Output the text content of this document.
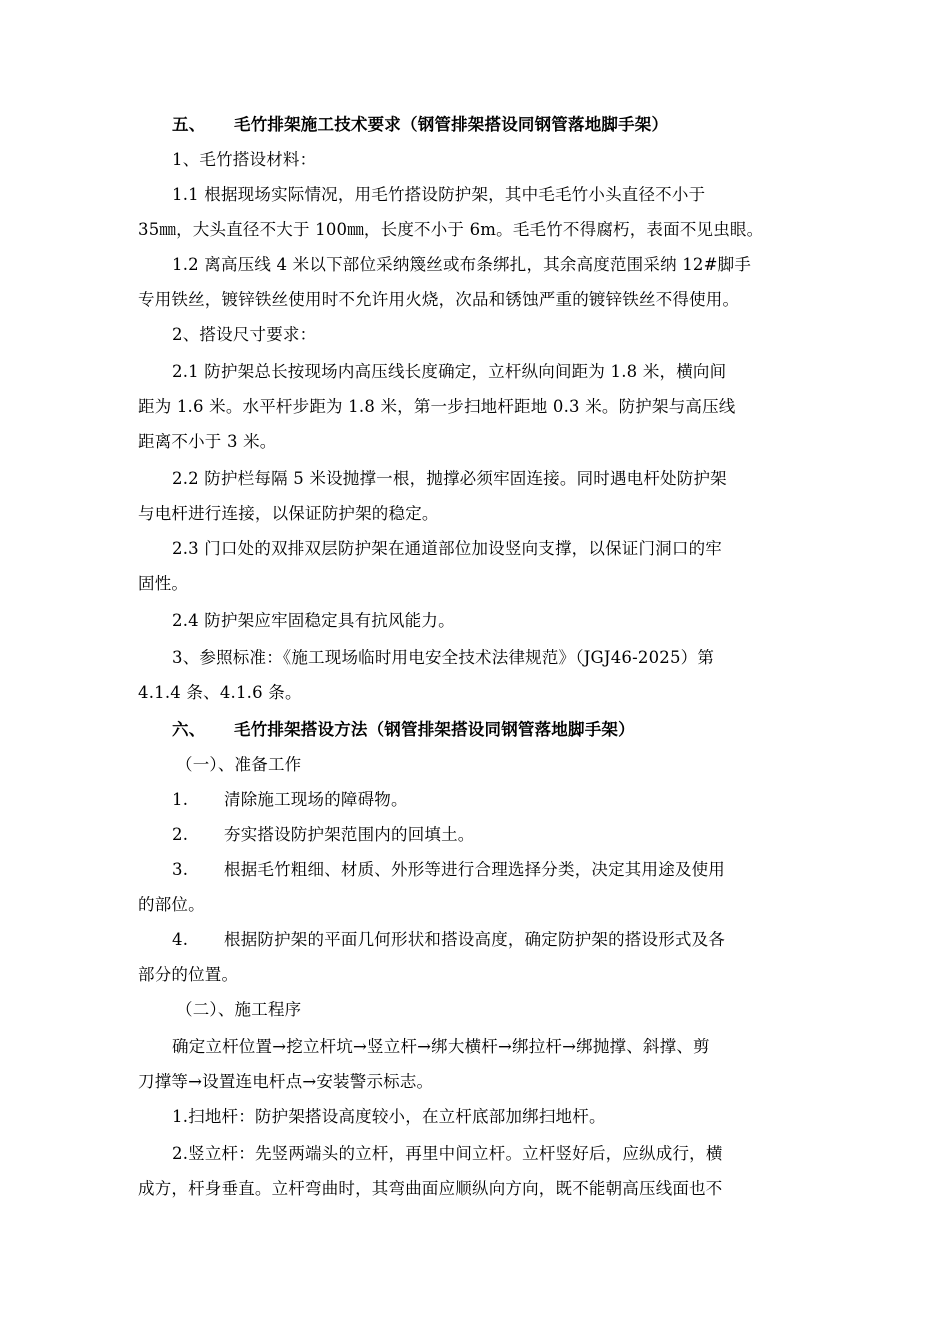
五、 毛竹排架施工技术要求（钢管排架搭设同钢管落地脚手架）
1、毛竹搭设材料：
1.1 根据现场实际情况，用毛竹搭设防护架，其中毛毛竹小头直径不小于
35㎜，大头直径不大于 100㎜，长度不小于 6m。毛毛竹不得腐朽，表面不见虫眼。
1.2 离高压线 4 米以下部位采纳篾丝或布条绑扎，其余高度范围采纳 12#脚手
专用铁丝，镀锌铁丝使用时不允许用火烧，次品和锈蚀严重的镀锌铁丝不得使用。
2、搭设尺寸要求：
2.1 防护架总长按现场内高压线长度确定，立杆纵向间距为 1.8 米，横向间
距为 1.6 米。水平杆步距为 1.8 米，第一步扫地杆距地 0.3 米。防护架与高压线
距离不小于 3 米。
2.2 防护栏每隔 5 米设抛撑一根，抛撑必须牢固连接。同时遇电杆处防护架
与电杆进行连接，以保证防护架的稳定。
2.3 门口处的双排双层防护架在通道部位加设竖向支撑，以保证门洞口的牢
固性。
2.4 防护架应牢固稳定具有抗风能力。
3、参照标准：《施工现场临时用电安全技术法律规范》（JGJ46-2025）第
4.1.4 条、4.1.6 条。
六、 毛竹排架搭设方法（钢管排架搭设同钢管落地脚手架）
（一）、准备工作
1. 清除施工现场的障碍物。
2. 夯实搭设防护架范围内的回填土。
3. 根据毛竹粗细、材质、外形等进行合理选择分类，决定其用途及使用
的部位。
4. 根据防护架的平面几何形状和搭设高度，确定防护架的搭设形式及各
部分的位置。
（二）、施工程序
确定立杆位置→挖立杆坑→竖立杆→绑大横杆→绑拉杆→绑抛撑、斜撑、剪
刀撑等→设置连电杆点→安装警示标志。
1.扫地杆：防护架搭设高度较小，在立杆底部加绑扫地杆。
2.竖立杆：先竖两端头的立杆，再里中间立杆。立杆竖好后，应纵成行，横
成方，杆身垂直。立杆弯曲时，其弯曲面应顺纵向方向，既不能朝高压线面也不
